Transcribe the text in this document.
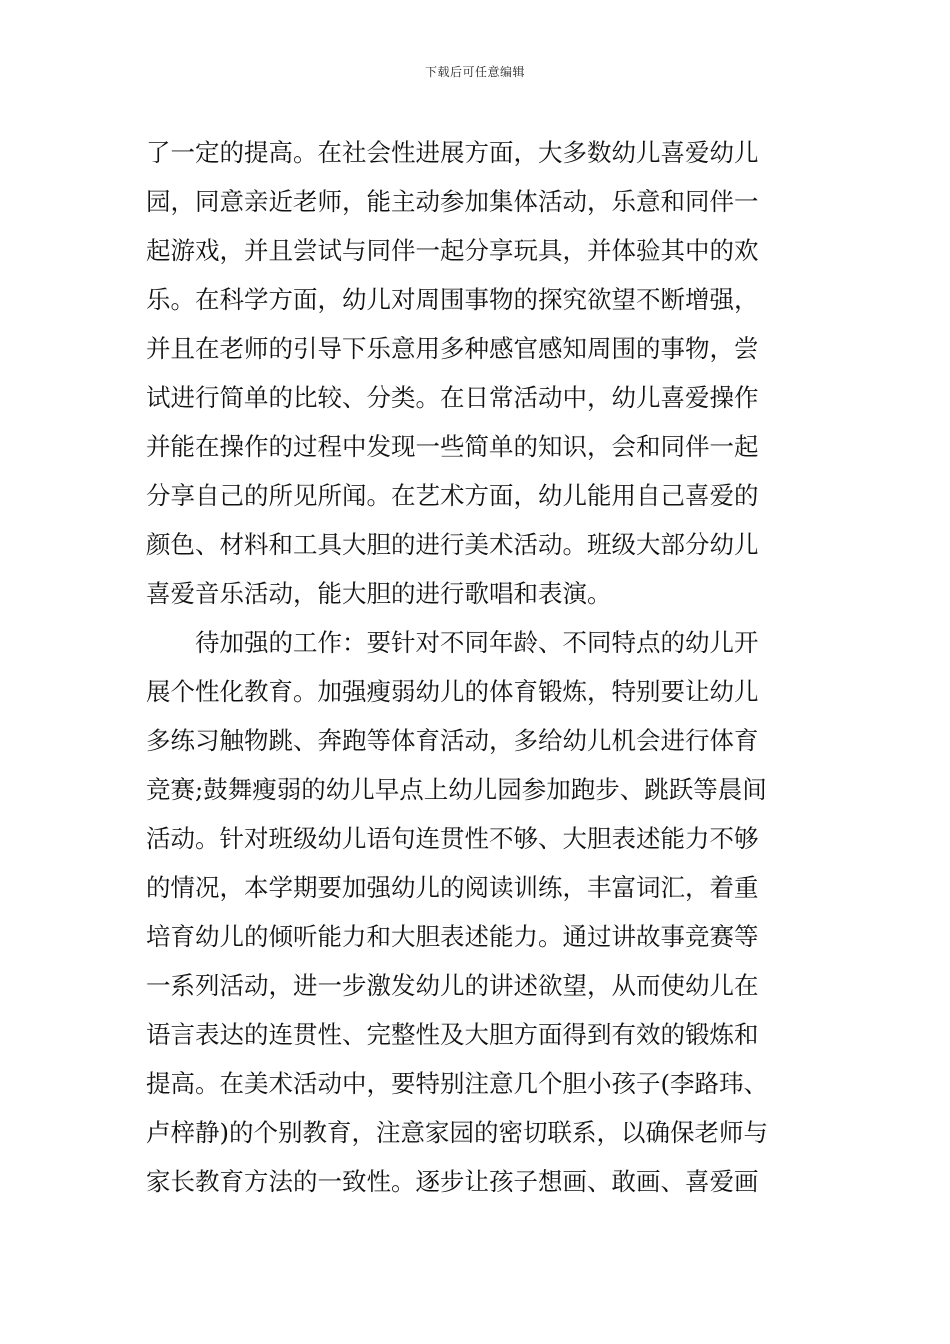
下载后可任意编辑
了一定的提高。在社会性进展方面，大多数幼儿喜爱幼儿
园，同意亲近老师，能主动参加集体活动，乐意和同伴一
起游戏，并且尝试与同伴一起分享玩具，并体验其中的欢
乐。在科学方面，幼儿对周围事物的探究欲望不断增强，
并且在老师的引导下乐意用多种感官感知周围的事物，尝
试进行简单的比较、分类。在日常活动中，幼儿喜爱操作
并能在操作的过程中发现一些简单的知识，会和同伴一起
分享自己的所见所闻。在艺术方面，幼儿能用自己喜爱的
颜色、材料和工具大胆的进行美术活动。班级大部分幼儿
喜爱音乐活动，能大胆的进行歌唱和表演。
　　待加强的工作：要针对不同年龄、不同特点的幼儿开
展个性化教育。加强瘦弱幼儿的体育锻炼，特别要让幼儿
多练习触物跳、奔跑等体育活动，多给幼儿机会进行体育
竞赛;鼓舞瘦弱的幼儿早点上幼儿园参加跑步、跳跃等晨间
活动。针对班级幼儿语句连贯性不够、大胆表述能力不够
的情况，本学期要加强幼儿的阅读训练，丰富词汇，着重
培育幼儿的倾听能力和大胆表述能力。通过讲故事竞赛等
一系列活动，进一步激发幼儿的讲述欲望，从而使幼儿在
语言表达的连贯性、完整性及大胆方面得到有效的锻炼和
提高。在美术活动中，要特别注意几个胆小孩子(李路玮、
卢梓静)的个别教育，注意家园的密切联系，以确保老师与
家长教育方法的一致性。逐步让孩子想画、敢画、喜爱画
